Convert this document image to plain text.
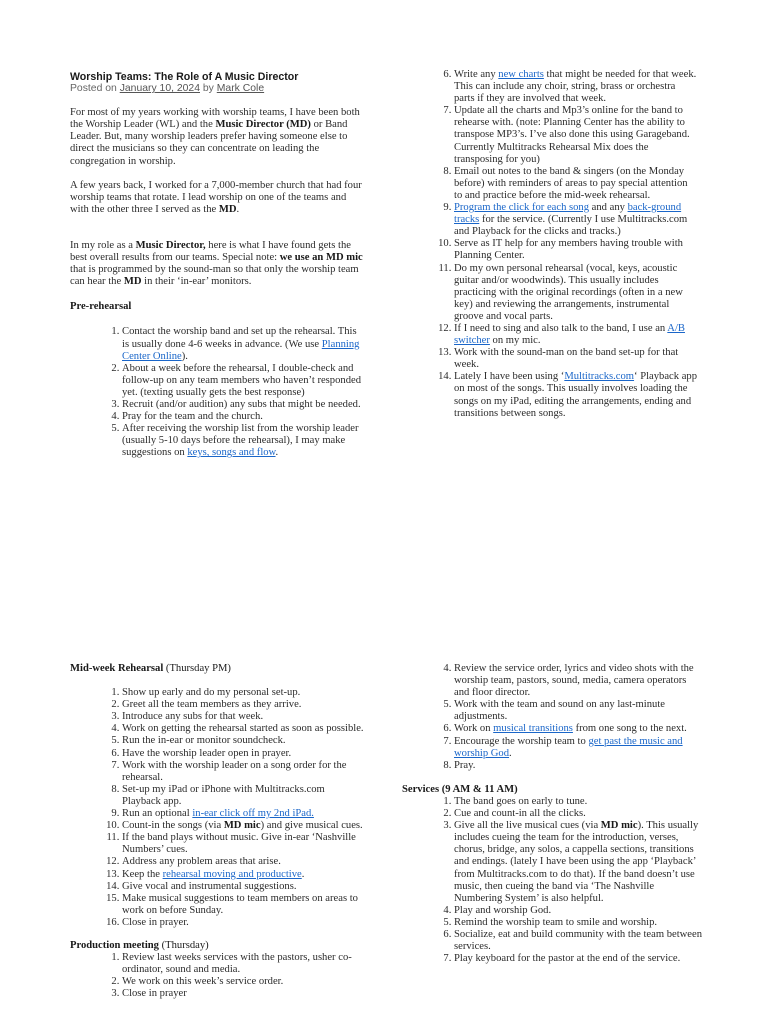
Worship Teams: The Role of A Music Director

Posted on January 10, 2024 by Mark Cole

For most of my years working with worship teams, I have been both the Worship Leader (WL) and the Music Director (MD) or Band Leader. But, many worship leaders prefer having someone else to direct the musicians so they can concentrate on leading the congregation in worship.

A few years back, I worked for a 7,000-member church that had four worship teams that rotate. I lead worship on one of the teams and with the other three I served as the MD.

In my role as a Music Director, here is what I have found gets the best overall results from our teams. Special note: we use an MD mic that is programmed by the sound-man so that only the worship team can hear the MD in their ‘in-ear’ monitors.

Pre-rehearsal

1. Contact the worship band and set up the rehearsal. This is usually done 4-6 weeks in advance. (We use Planning Center Online).
2. About a week before the rehearsal, I double-check and follow-up on any team members who haven’t responded yet. (texting usually gets the best response)
3. Recruit (and/or audition) any subs that might be needed.
4. Pray for the team and the church.
5. After receiving the worship list from the worship leader (usually 5-10 days before the rehearsal), I may make suggestions on keys, songs and flow.
6. Write any new charts that might be needed for that week. This can include any choir, string, brass or orchestra parts if they are involved that week.
7. Update all the charts and Mp3’s online for the band to rehearse with. (note: Planning Center has the ability to transpose MP3’s. I’ve also done this using Garageband. Currently Multitracks Rehearsal Mix does the transposing for you)
8. Email out notes to the band & singers (on the Monday before) with reminders of areas to pay special attention to and practice before the mid-week rehearsal.
9. Program the click for each song and any back-ground tracks for the service. (Currently I use Multitracks.com and Playback for the clicks and tracks.)
10. Serve as IT help for any members having trouble with Planning Center.
11. Do my own personal rehearsal (vocal, keys, acoustic guitar and/or woodwinds). This usually includes practicing with the original recordings (often in a new key) and reviewing the arrangements, instrumental groove and vocal parts.
12. If I need to sing and also talk to the band, I use an A/B switcher on my mic.
13. Work with the sound-man on the band set-up for that week.
14. Lately I have been using ‘Multitracks.com‘ Playback app on most of the songs. This usually involves loading the songs on my iPad, editing the arrangements, ending and transitions between songs.

Mid-week Rehearsal (Thursday PM)

1. Show up early and do my personal set-up.
2. Greet all the team members as they arrive.
3. Introduce any subs for that week.
4. Work on getting the rehearsal started as soon as possible.
5. Run the in-ear or monitor soundcheck.
6. Have the worship leader open in prayer.
7. Work with the worship leader on a song order for the rehearsal.
8. Set-up my iPad or iPhone with Multitracks.com Playback app.
9. Run an optional in-ear click off my 2nd iPad.
10. Count-in the songs (via MD mic) and give musical cues.
11. If the band plays without music. Give in-ear ‘Nashville Numbers’ cues.
12. Address any problem areas that arise.
13. Keep the rehearsal moving and productive.
14. Give vocal and instrumental suggestions.
15. Make musical suggestions to team members on areas to work on before Sunday.
16. Close in prayer.

Production meeting (Thursday)

1. Review last weeks services with the pastors, usher co-ordinator, sound and media.
2. We work on this week’s service order.
3. Close in prayer
4. Review the service order, lyrics and video shots with the worship team, pastors, sound, media, camera operators and floor director.
5. Work with the team and sound on any last-minute adjustments.
6. Work on musical transitions from one song to the next.
7. Encourage the worship team to get past the music and worship God.
8. Pray.

Services (9 AM & 11 AM)

1. The band goes on early to tune.
2. Cue and count-in all the clicks.
3. Give all the live musical cues (via MD mic). This usually includes cueing the team for the introduction, verses, chorus, bridge, any solos, a cappella sections, transitions and endings. (lately I have been using the app ‘Playback’ from Multitracks.com to do that). If the band doesn’t use music, then cueing the band via ‘The Nashville Numbering System’ is also helpful.
4. Play and worship God.
5. Remind the worship team to smile and worship.
6. Socialize, eat and build community with the team between services.
7. Play keyboard for the pastor at the end of the service.
